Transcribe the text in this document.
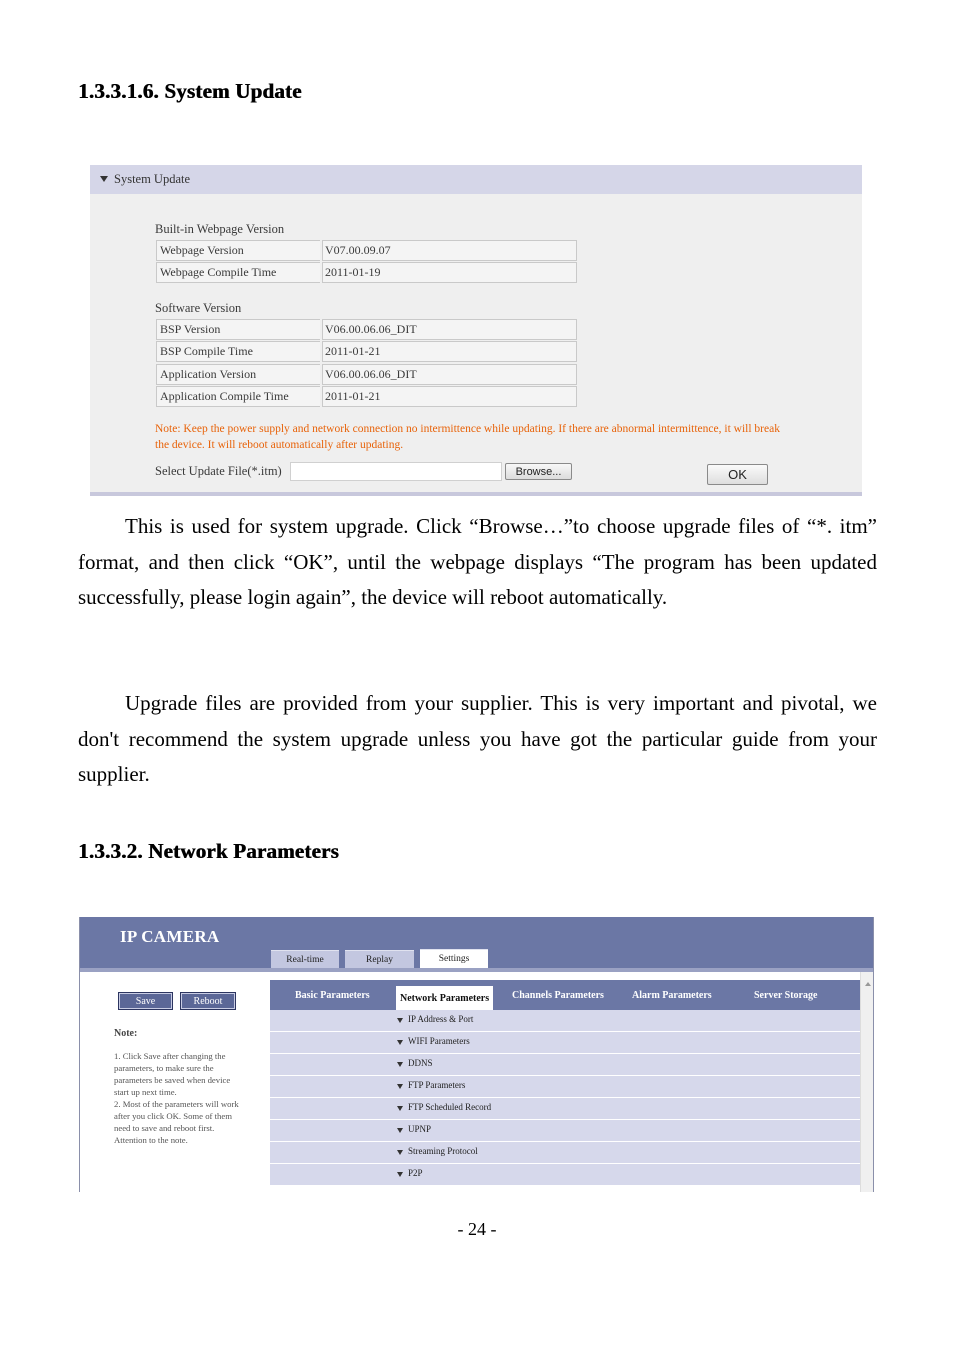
1.3.3.1.6. System Update
System Update
Built-in Webpage Version
Webpage Version	V07.00.09.07
Webpage Compile Time	2011-01-19
Software Version
BSP Version	V06.00.06.06_DIT
BSP Compile Time	2011-01-21
Application Version	V06.00.06.06_DIT
Application Compile Time	2011-01-21
Note: Keep the power supply and network connection no intermittence while updating. If there are abnormal intermittence, it will break
the device. It will reboot automatically after updating.
Select Update File(*.itm)	Browse...	OK

This is used for system upgrade. Click “Browse…”to choose upgrade files of “*. itm” format, and then click “OK”, until the webpage displays “The program has been updated successfully, please login again”, the device will reboot automatically.

Upgrade files are provided from your supplier. This is very important and pivotal, we don't recommend the system upgrade unless you have got the particular guide from your supplier.

1.3.3.2. Network Parameters
IP CAMERA
Real-time	Replay	Settings
Save	Reboot
Note:
1. Click Save after changing the parameters, to make sure the parameters be saved when device start up next time.
2. Most of the parameters will work after you click OK. Some of them need to save and reboot first. Attention to the note.
Basic Parameters	Network Parameters	Channels Parameters	Alarm Parameters	Server Storage
IP Address & Port
WIFI Parameters
DDNS
FTP Parameters
FTP Scheduled Record
UPNP
Streaming Protocol
P2P
- 24 -
